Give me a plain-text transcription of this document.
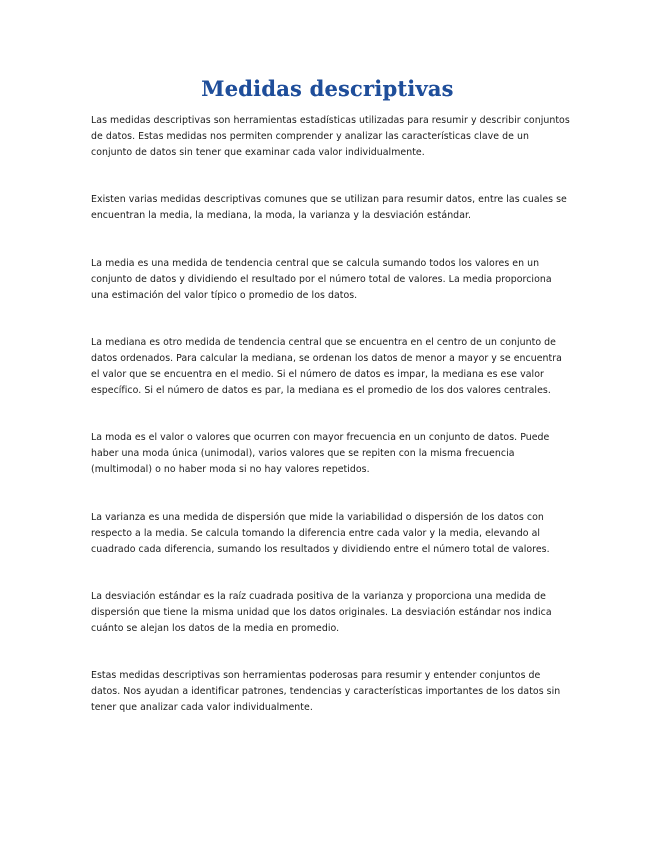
Medidas descriptivas

Las medidas descriptivas son herramientas estadísticas utilizadas para resumir y describir conjuntos de datos. Estas medidas nos permiten comprender y analizar las características clave de un conjunto de datos sin tener que examinar cada valor individualmente.

Existen varias medidas descriptivas comunes que se utilizan para resumir datos, entre las cuales se encuentran la media, la mediana, la moda, la varianza y la desviación estándar.

La media es una medida de tendencia central que se calcula sumando todos los valores en un conjunto de datos y dividiendo el resultado por el número total de valores. La media proporciona una estimación del valor típico o promedio de los datos.

La mediana es otro medida de tendencia central que se encuentra en el centro de un conjunto de datos ordenados. Para calcular la mediana, se ordenan los datos de menor a mayor y se encuentra el valor que se encuentra en el medio. Si el número de datos es impar, la mediana es ese valor específico. Si el número de datos es par, la mediana es el promedio de los dos valores centrales.

La moda es el valor o valores que ocurren con mayor frecuencia en un conjunto de datos. Puede haber una moda única (unimodal), varios valores que se repiten con la misma frecuencia (multimodal) o no haber moda si no hay valores repetidos.

La varianza es una medida de dispersión que mide la variabilidad o dispersión de los datos con respecto a la media. Se calcula tomando la diferencia entre cada valor y la media, elevando al cuadrado cada diferencia, sumando los resultados y dividiendo entre el número total de valores.

La desviación estándar es la raíz cuadrada positiva de la varianza y proporciona una medida de dispersión que tiene la misma unidad que los datos originales. La desviación estándar nos indica cuánto se alejan los datos de la media en promedio.

Estas medidas descriptivas son herramientas poderosas para resumir y entender conjuntos de datos. Nos ayudan a identificar patrones, tendencias y características importantes de los datos sin tener que analizar cada valor individualmente.
